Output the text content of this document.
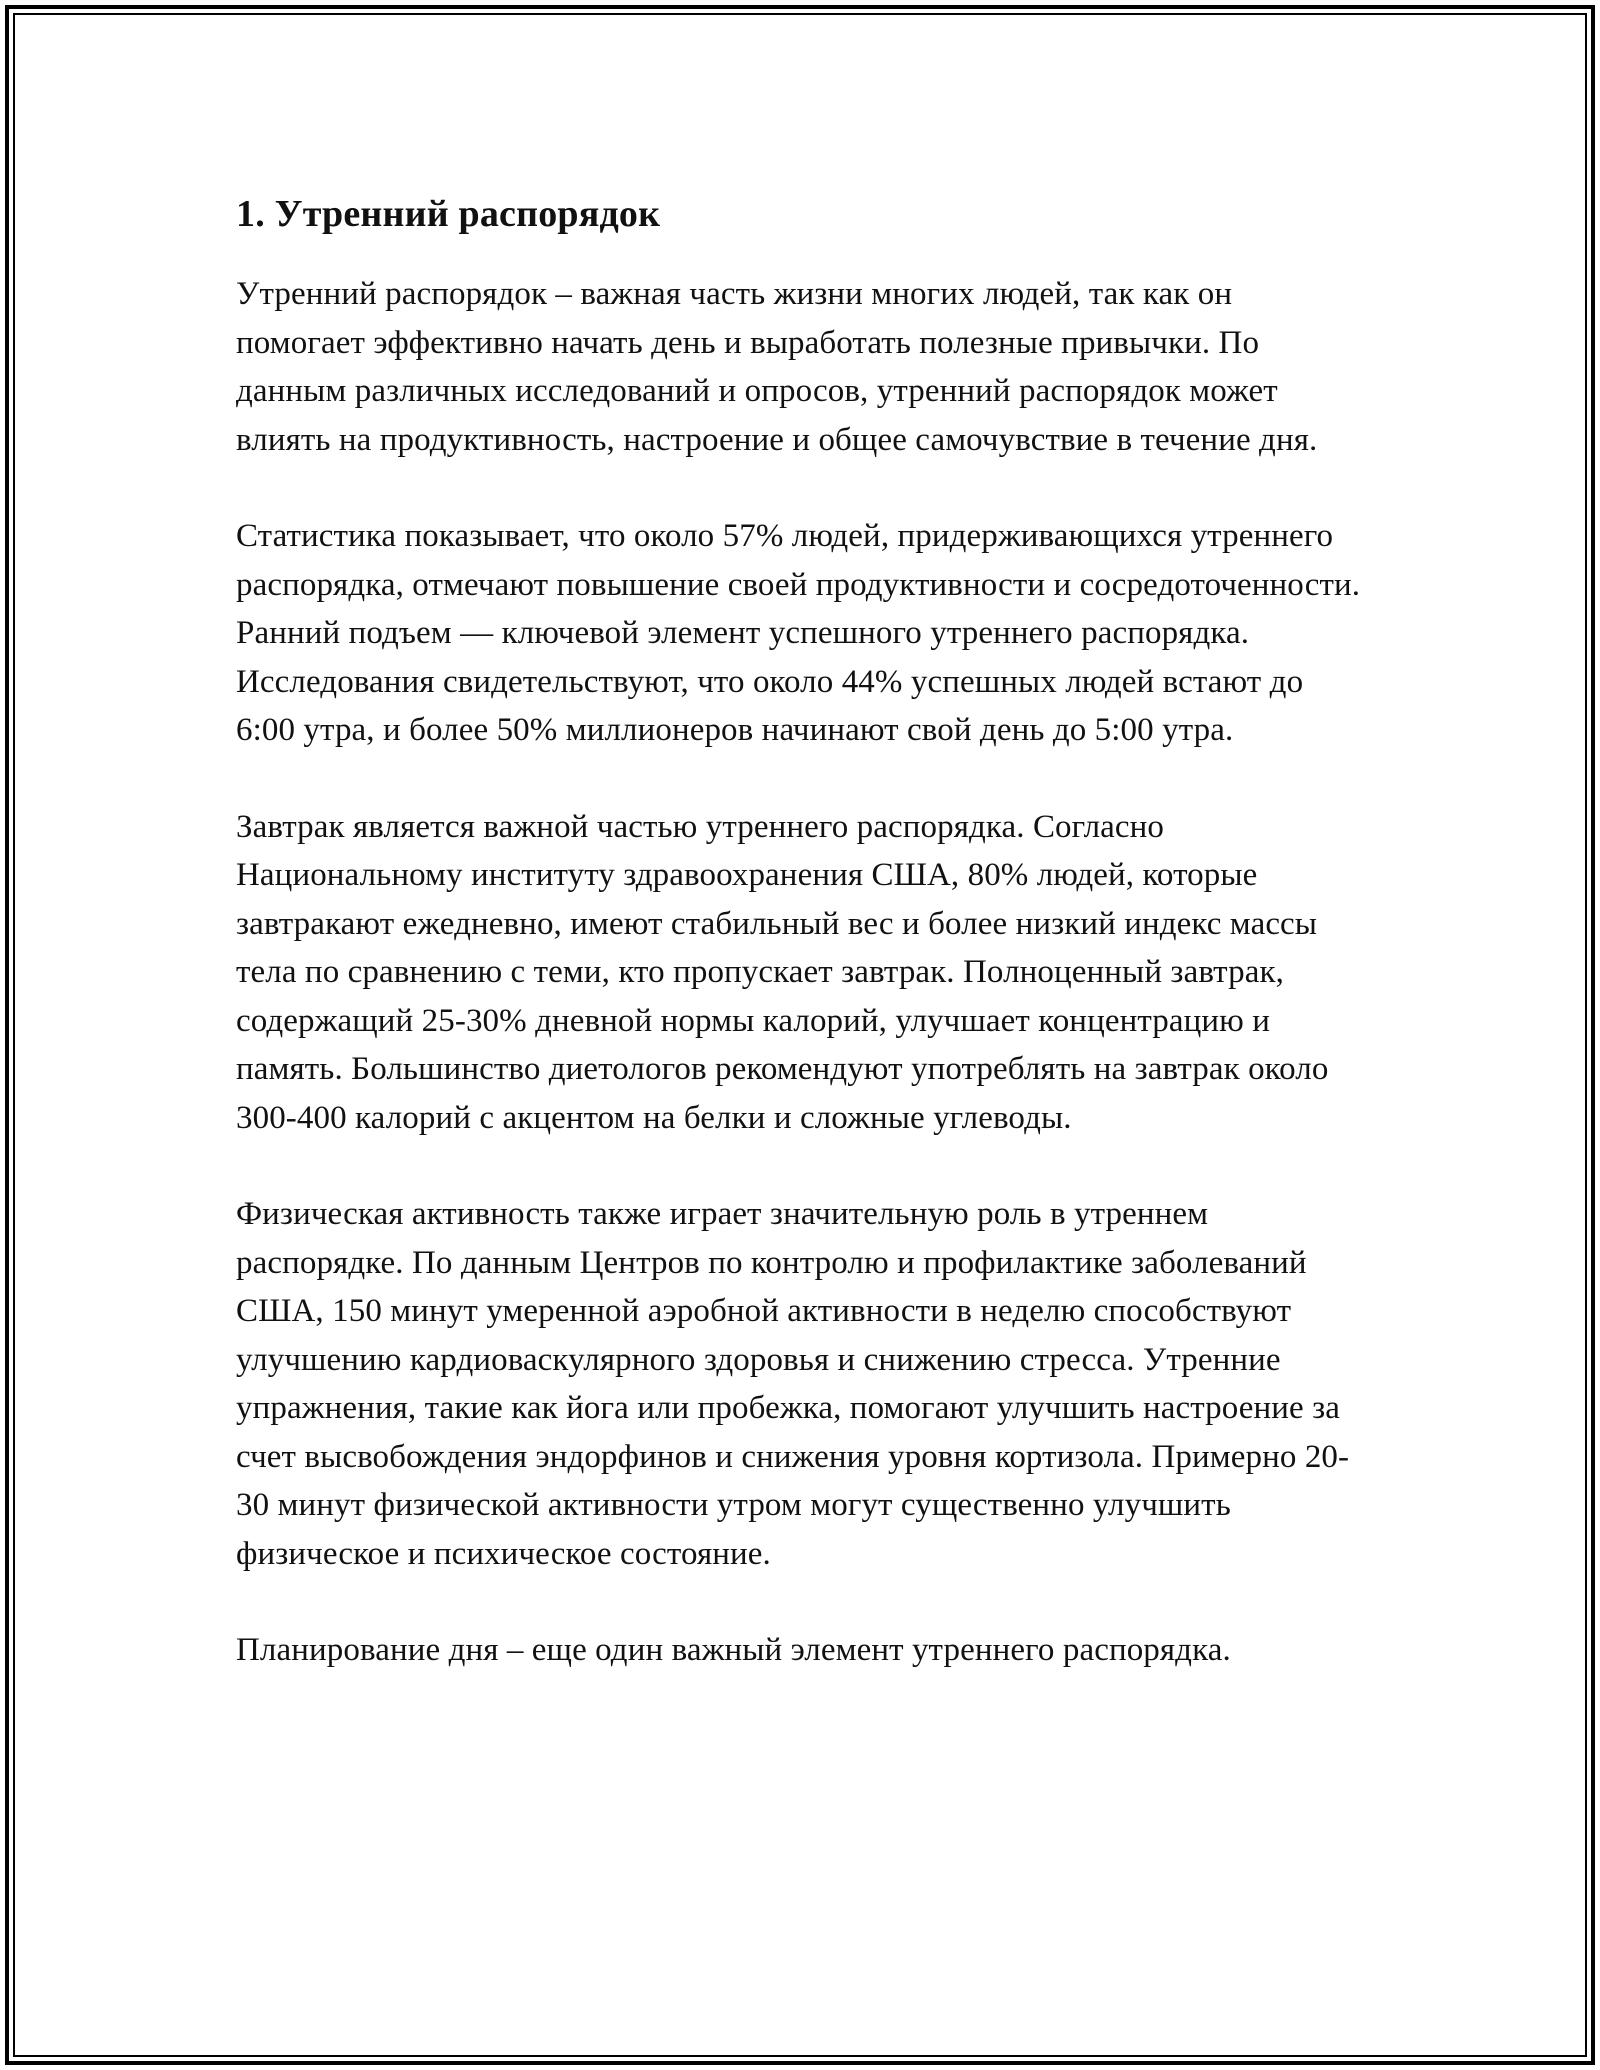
1. Утренний распорядок

Утренний распорядок – важная часть жизни многих людей, так как он помогает эффективно начать день и выработать полезные привычки. По данным различных исследований и опросов, утренний распорядок может влиять на продуктивность, настроение и общее самочувствие в течение дня.

Статистика показывает, что около 57% людей, придерживающихся утреннего распорядка, отмечают повышение своей продуктивности и сосредоточенности. Ранний подъем — ключевой элемент успешного утреннего распорядка. Исследования свидетельствуют, что около 44% успешных людей встают до 6:00 утра, и более 50% миллионеров начинают свой день до 5:00 утра.

Завтрак является важной частью утреннего распорядка. Согласно Национальному институту здравоохранения США, 80% людей, которые завтракают ежедневно, имеют стабильный вес и более низкий индекс массы тела по сравнению с теми, кто пропускает завтрак. Полноценный завтрак, содержащий 25-30% дневной нормы калорий, улучшает концентрацию и память. Большинство диетологов рекомендуют употреблять на завтрак около 300-400 калорий с акцентом на белки и сложные углеводы.

Физическая активность также играет значительную роль в утреннем распорядке. По данным Центров по контролю и профилактике заболеваний США, 150 минут умеренной аэробной активности в неделю способствуют улучшению кардиоваскулярного здоровья и снижению стресса. Утренние упражнения, такие как йога или пробежка, помогают улучшить настроение за счет высвобождения эндорфинов и снижения уровня кортизола. Примерно 20-30 минут физической активности утром могут существенно улучшить физическое и психическое состояние.

Планирование дня – еще один важный элемент утреннего распорядка.
